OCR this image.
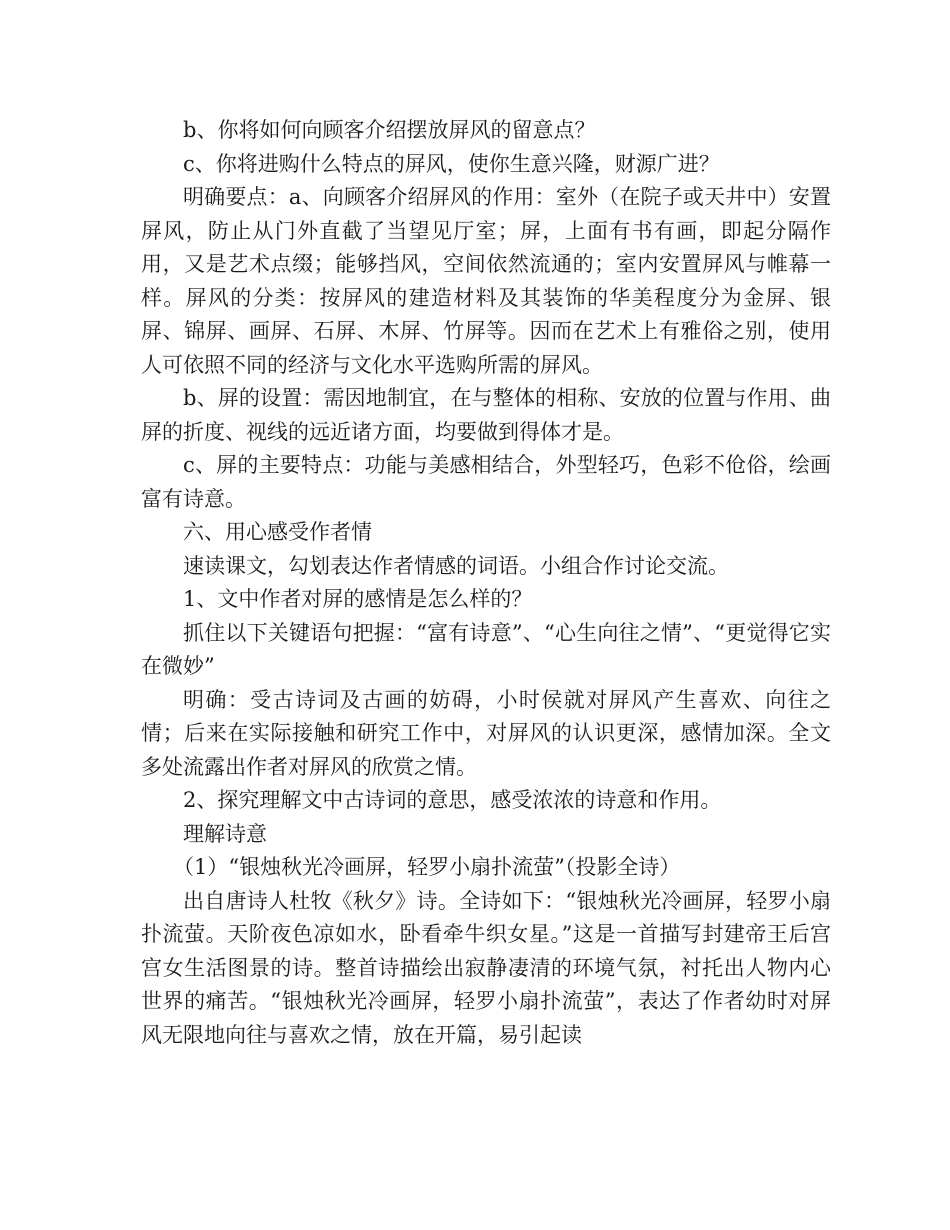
b、你将如何向顾客介绍摆放屏风的留意点？

c、你将进购什么特点的屏风，使你生意兴隆，财源广进？

明确要点：a、向顾客介绍屏风的作用：室外（在院子或天井中）安置屏风，防止从门外直截了当望见厅室；屏，上面有书有画，即起分隔作用，又是艺术点缀；能够挡风，空间依然流通的；室内安置屏风与帷幕一样。屏风的分类：按屏风的建造材料及其装饰的华美程度分为金屏、银屏、锦屏、画屏、石屏、木屏、竹屏等。因而在艺术上有雅俗之别，使用人可依照不同的经济与文化水平选购所需的屏风。

b、屏的设置：需因地制宜，在与整体的相称、安放的位置与作用、曲屏的折度、视线的远近诸方面，均要做到得体才是。

c、屏的主要特点：功能与美感相结合，外型轻巧，色彩不伧俗，绘画富有诗意。

六、用心感受作者情

速读课文，勾划表达作者情感的词语。小组合作讨论交流。

1、文中作者对屏的感情是怎么样的？

抓住以下关键语句把握：“富有诗意”、“心生向往之情”、“更觉得它实在微妙”

明确：受古诗词及古画的妨碍，小时侯就对屏风产生喜欢、向往之情；后来在实际接触和研究工作中，对屏风的认识更深，感情加深。全文多处流露出作者对屏风的欣赏之情。

2、探究理解文中古诗词的意思，感受浓浓的诗意和作用。

理解诗意

（1）“银烛秋光冷画屏，轻罗小扇扑流萤”（投影全诗）

出自唐诗人杜牧《秋夕》诗。全诗如下：“银烛秋光冷画屏，轻罗小扇扑流萤。天阶夜色凉如水，卧看牵牛织女星。”这是一首描写封建帝王后宫宫女生活图景的诗。整首诗描绘出寂静凄清的环境气氛，衬托出人物内心世界的痛苦。“银烛秋光冷画屏，轻罗小扇扑流萤”，表达了作者幼时对屏风无限地向往与喜欢之情，放在开篇，易引起读
